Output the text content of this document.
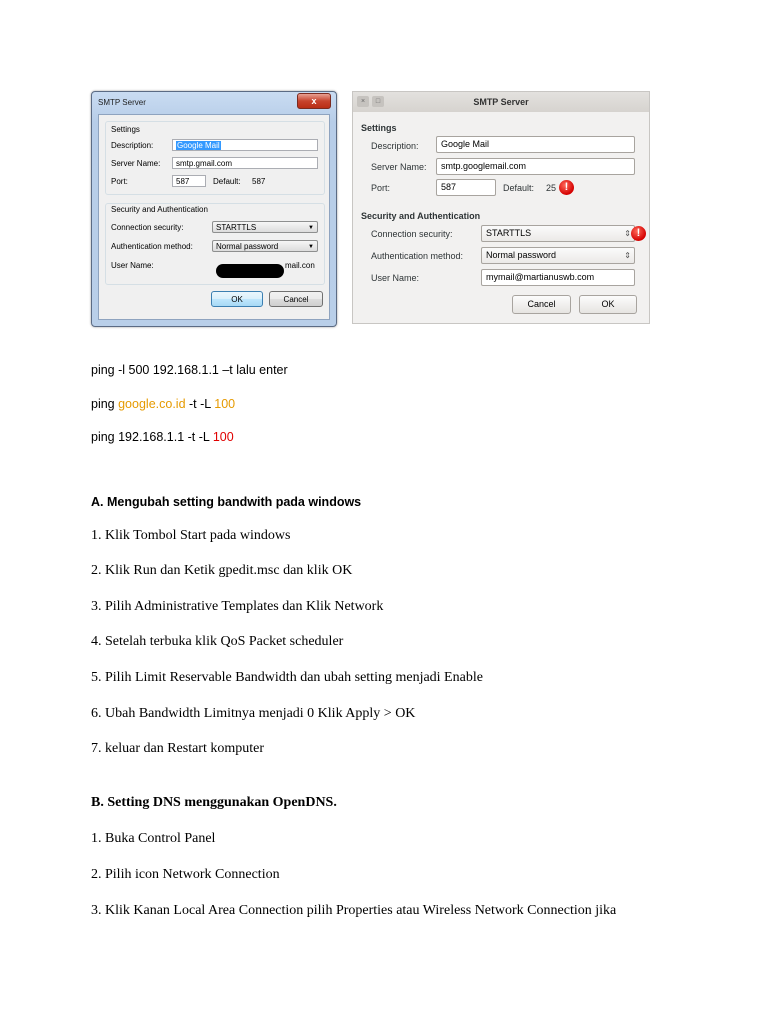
SMTP Server	x
Settings
Description:	Google Mail
Server Name:	smtp.gmail.com
Port:	587	Default: 587
Security and Authentication
Connection security:	STARTTLS	▼
Authentication method:	Normal password	▼
User Name:	mail.con
OK	Cancel
×	□	SMTP Server
Settings
Description:	Google Mail
Server Name:	smtp.googlemail.com
Port:	587	Default: 25 !
Security and Authentication
Connection security:	STARTTLS	⇕ !
Authentication method:	Normal password	⇕
User Name:	mymail@martianuswb.com
Cancel	OK
ping -l 500 192.168.1.1 –t lalu enter
ping google.co.id -t -L 100
ping 192.168.1.1 -t -L 100
A. Mengubah setting bandwith pada windows
1. Klik Tombol Start pada windows
2. Klik Run dan Ketik gpedit.msc dan klik OK
3. Pilih Administrative Templates dan Klik Network
4. Setelah terbuka klik QoS Packet scheduler
5. Pilih Limit Reservable Bandwidth dan ubah setting menjadi Enable
6. Ubah Bandwidth Limitnya menjadi 0 Klik Apply > OK
7. keluar dan Restart komputer
B. Setting DNS menggunakan OpenDNS.
1. Buka Control Panel
2. Pilih icon Network Connection
3. Klik Kanan Local Area Connection pilih Properties atau Wireless Network Connection jika
